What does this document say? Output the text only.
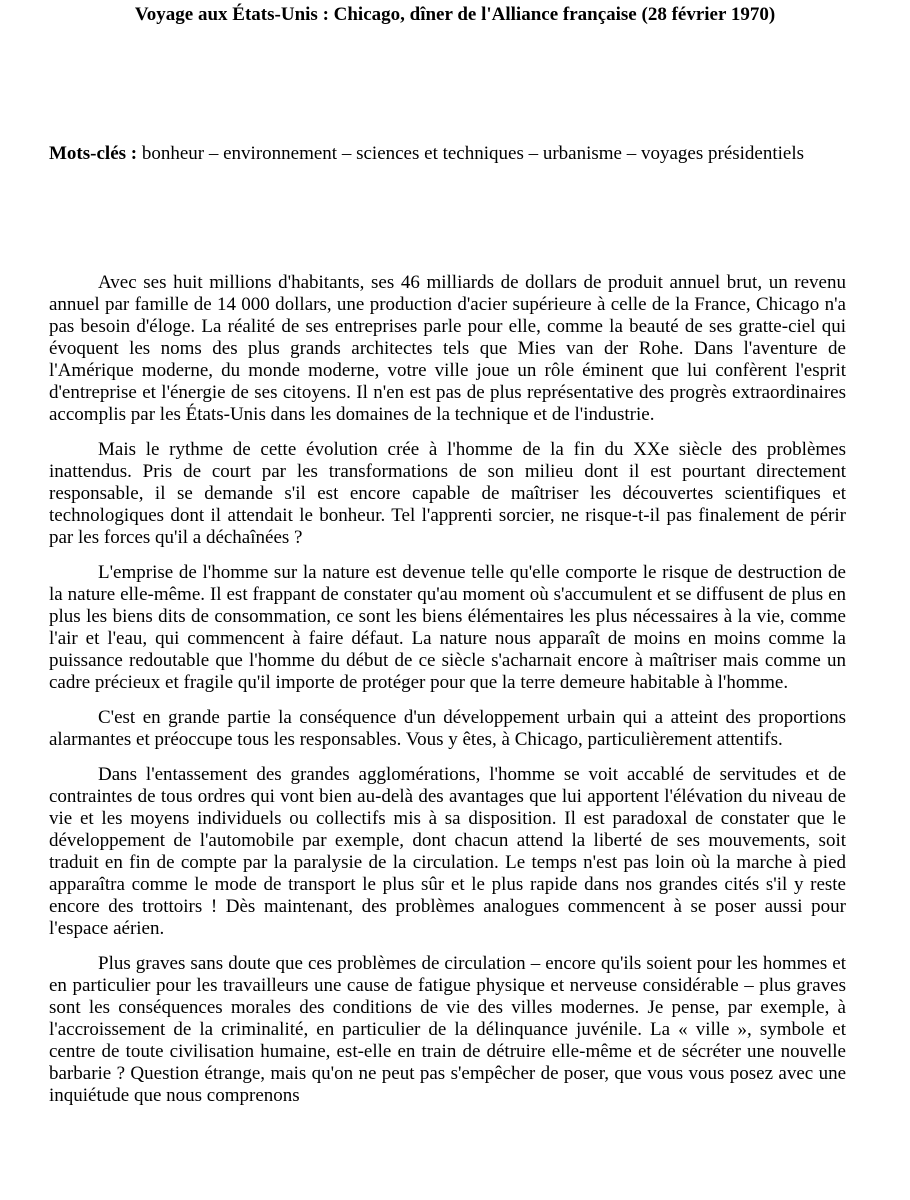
Voyage aux États-Unis : Chicago, dîner de l'Alliance française (28 février 1970)
Mots-clés : bonheur – environnement – sciences et techniques – urbanisme – voyages présidentiels

Avec ses huit millions d'habitants, ses 46 milliards de dollars de produit annuel brut, un revenu annuel par famille de 14 000 dollars, une production d'acier supérieure à celle de la France, Chicago n'a pas besoin d'éloge. La réalité de ses entreprises parle pour elle, comme la beauté de ses gratte-ciel qui évoquent les noms des plus grands architectes tels que Mies van der Rohe. Dans l'aventure de l'Amérique moderne, du monde moderne, votre ville joue un rôle éminent que lui confèrent l'esprit d'entreprise et l'énergie de ses citoyens. Il n'en est pas de plus représentative des progrès extraordinaires accomplis par les États-Unis dans les domaines de la technique et de l'industrie.

Mais le rythme de cette évolution crée à l'homme de la fin du XXe siècle des problèmes inattendus. Pris de court par les transformations de son milieu dont il est pourtant directement responsable, il se demande s'il est encore capable de maîtriser les découvertes scientifiques et technologiques dont il attendait le bonheur. Tel l'apprenti sorcier, ne risque-t-il pas finalement de périr par les forces qu'il a déchaînées ?

L'emprise de l'homme sur la nature est devenue telle qu'elle comporte le risque de destruction de la nature elle-même. Il est frappant de constater qu'au moment où s'accumulent et se diffusent de plus en plus les biens dits de consommation, ce sont les biens élémentaires les plus nécessaires à la vie, comme l'air et l'eau, qui commencent à faire défaut. La nature nous apparaît de moins en moins comme la puissance redoutable que l'homme du début de ce siècle s'acharnait encore à maîtriser mais comme un cadre précieux et fragile qu'il importe de protéger pour que la terre demeure habitable à l'homme.

C'est en grande partie la conséquence d'un développement urbain qui a atteint des proportions alarmantes et préoccupe tous les responsables. Vous y êtes, à Chicago, particulièrement attentifs.

Dans l'entassement des grandes agglomérations, l'homme se voit accablé de servitudes et de contraintes de tous ordres qui vont bien au-delà des avantages que lui apportent l'élévation du niveau de vie et les moyens individuels ou collectifs mis à sa disposition. Il est paradoxal de constater que le développement de l'automobile par exemple, dont chacun attend la liberté de ses mouvements, soit traduit en fin de compte par la paralysie de la circulation. Le temps n'est pas loin où la marche à pied apparaîtra comme le mode de transport le plus sûr et le plus rapide dans nos grandes cités s'il y reste encore des trottoirs ! Dès maintenant, des problèmes analogues commencent à se poser aussi pour l'espace aérien.

Plus graves sans doute que ces problèmes de circulation – encore qu'ils soient pour les hommes et en particulier pour les travailleurs une cause de fatigue physique et nerveuse considérable – plus graves sont les conséquences morales des conditions de vie des villes modernes. Je pense, par exemple, à l'accroissement de la criminalité, en particulier de la délinquance juvénile. La « ville », symbole et centre de toute civilisation humaine, est-elle en train de détruire elle-même et de sécréter une nouvelle barbarie ? Question étrange, mais qu'on ne peut pas s'empêcher de poser, que vous vous posez avec une inquiétude que nous comprenons
